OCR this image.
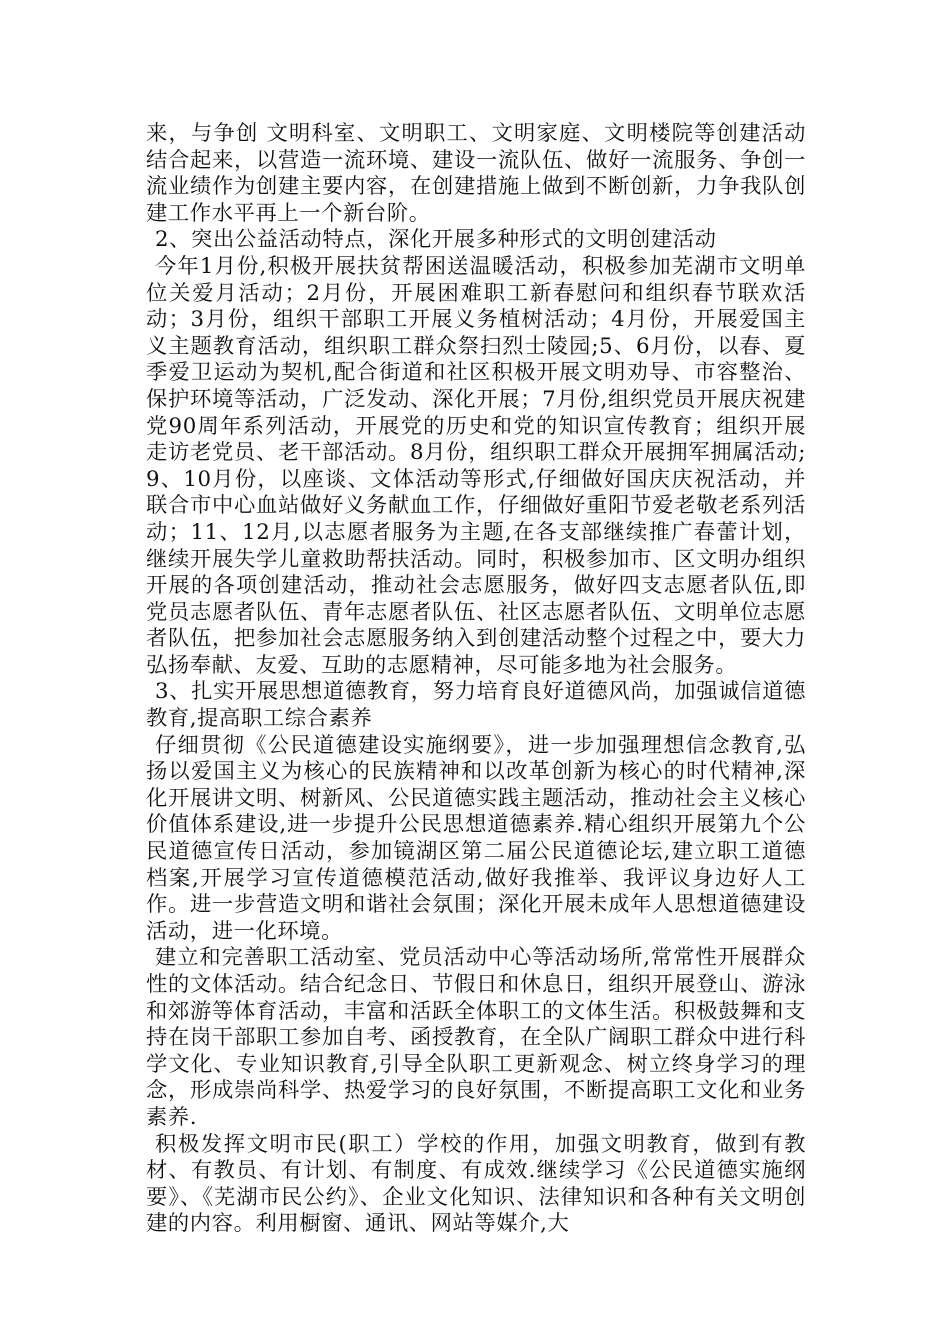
来，与争创 文明科室、文明职工、文明家庭、文明楼院等创建活动结合起来，以营造一流环境、建设一流队伍、做好一流服务、争创一流业绩作为创建主要内容，在创建措施上做到不断创新，力争我队创建工作水平再上一个新台阶。

2、突出公益活动特点，深化开展多种形式的文明创建活动

今年1月份,积极开展扶贫帮困送温暖活动，积极参加芜湖市文明单位关爱月活动；2月份，开展困难职工新春慰问和组织春节联欢活动；3月份，组织干部职工开展义务植树活动；4月份，开展爱国主义主题教育活动，组织职工群众祭扫烈士陵园;5、6月份，以春、夏季爱卫运动为契机,配合街道和社区积极开展文明劝导、市容整治、保护环境等活动，广泛发动、深化开展；7月份,组织党员开展庆祝建党90周年系列活动，开展党的历史和党的知识宣传教育；组织开展走访老党员、老干部活动。8月份，组织职工群众开展拥军拥属活动;9、10月份，以座谈、文体活动等形式,仔细做好国庆庆祝活动，并联合市中心血站做好义务献血工作，仔细做好重阳节爱老敬老系列活动；11、12月,以志愿者服务为主题,在各支部继续推广春蕾计划，继续开展失学儿童救助帮扶活动。同时，积极参加市、区文明办组织开展的各项创建活动，推动社会志愿服务，做好四支志愿者队伍,即党员志愿者队伍、青年志愿者队伍、社区志愿者队伍、文明单位志愿者队伍，把参加社会志愿服务纳入到创建活动整个过程之中，要大力弘扬奉献、友爱、互助的志愿精神，尽可能多地为社会服务。

3、扎实开展思想道德教育，努力培育良好道德风尚，加强诚信道德教育,提高职工综合素养

仔细贯彻《公民道德建设实施纲要》，进一步加强理想信念教育,弘扬以爱国主义为核心的民族精神和以改革创新为核心的时代精神,深化开展讲文明、树新风、公民道德实践主题活动，推动社会主义核心价值体系建设,进一步提升公民思想道德素养.精心组织开展第九个公民道德宣传日活动，参加镜湖区第二届公民道德论坛,建立职工道德档案,开展学习宣传道德模范活动,做好我推举、我评议身边好人工作。进一步营造文明和谐社会氛围；深化开展未成年人思想道德建设活动，进一化环境。

建立和完善职工活动室、党员活动中心等活动场所,常常性开展群众性的文体活动。结合纪念日、节假日和休息日，组织开展登山、游泳和郊游等体育活动，丰富和活跃全体职工的文体生活。积极鼓舞和支持在岗干部职工参加自考、函授教育，在全队广阔职工群众中进行科学文化、专业知识教育,引导全队职工更新观念、树立终身学习的理念，形成崇尚科学、热爱学习的良好氛围，不断提高职工文化和业务素养.

积极发挥文明市民(职工）学校的作用，加强文明教育，做到有教材、有教员、有计划、有制度、有成效.继续学习《公民道德实施纲要》、《芜湖市民公约》、企业文化知识、法律知识和各种有关文明创建的内容。利用橱窗、通讯、网站等媒介,大
